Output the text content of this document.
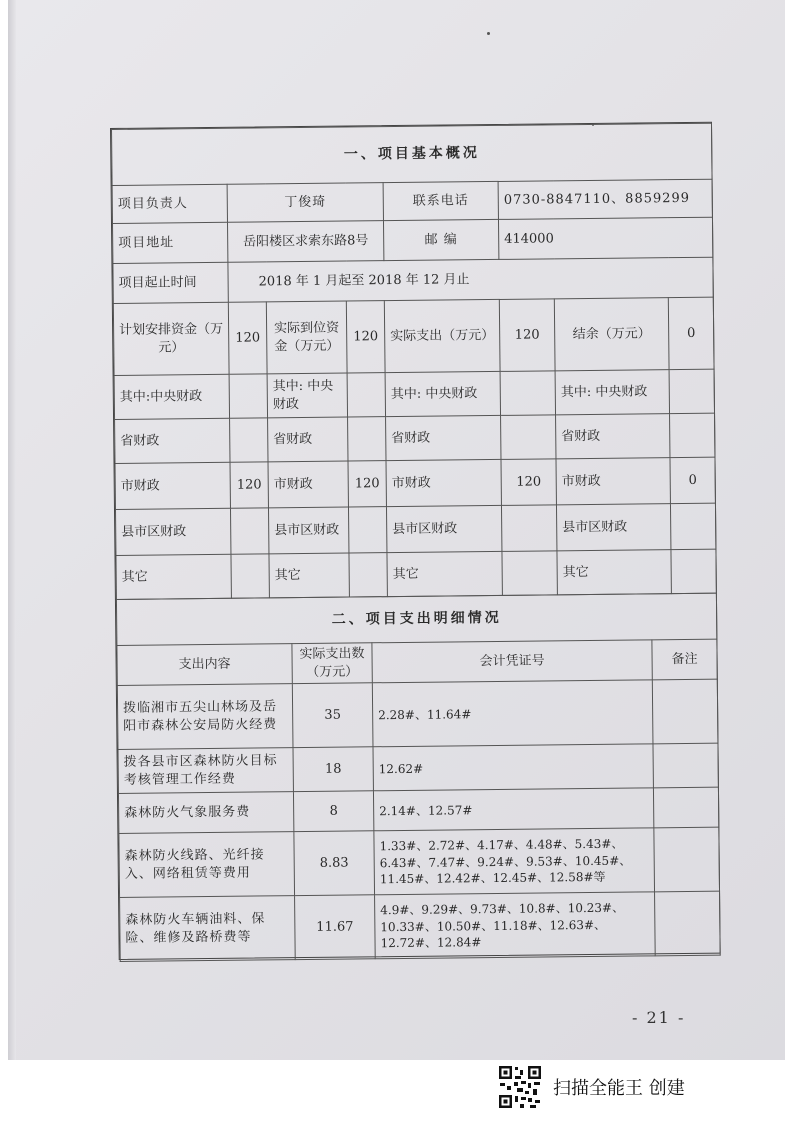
一、项目基本概况							
项目负责人	丁俊琦			联系电话	0730-8847110、8859299		
项目地址	岳阳楼区求索东路8号			邮 编	414000		
项目起止时间	2018 年 1 月起至 2018 年 12 月止						
计划安排资金（万元）	120	实际到位资金（万元）	120	实际支出（万元）	120	结余（万元）	0
其中:中央财政		其中: 中央财政		其中: 中央财政		其中: 中央财政	
省财政		省财政		省财政		省财政	
市财政	120	市财政	120	市财政	120	市财政	0
县市区财政		县市区财政		县市区财政		县市区财政	
其它		其它		其它		其它	
二、项目支出明细情况			
支出内容	实际支出数（万元）	会计凭证号	备注
拨临湘市五尖山林场及岳阳市森林公安局防火经费	35	2.28#、11.64#	
拨各县市区森林防火目标考核管理工作经费	18	12.62#	
森林防火气象服务费	8	2.14#、12.57#	
森林防火线路、光纤接入、网络租赁等费用	8.83	1.33#、2.72#、4.17#、4.48#、5.43#、6.43#、7.47#、9.24#、9.53#、10.45#、11.45#、12.42#、12.45#、12.58#等	
森林防火车辆油料、保险、维修及路桥费等	11.67	4.9#、9.29#、9.73#、10.8#、10.23#、10.33#、10.50#、11.18#、12.63#、12.72#、12.84#	
- 21 -
扫描全能王 创建
